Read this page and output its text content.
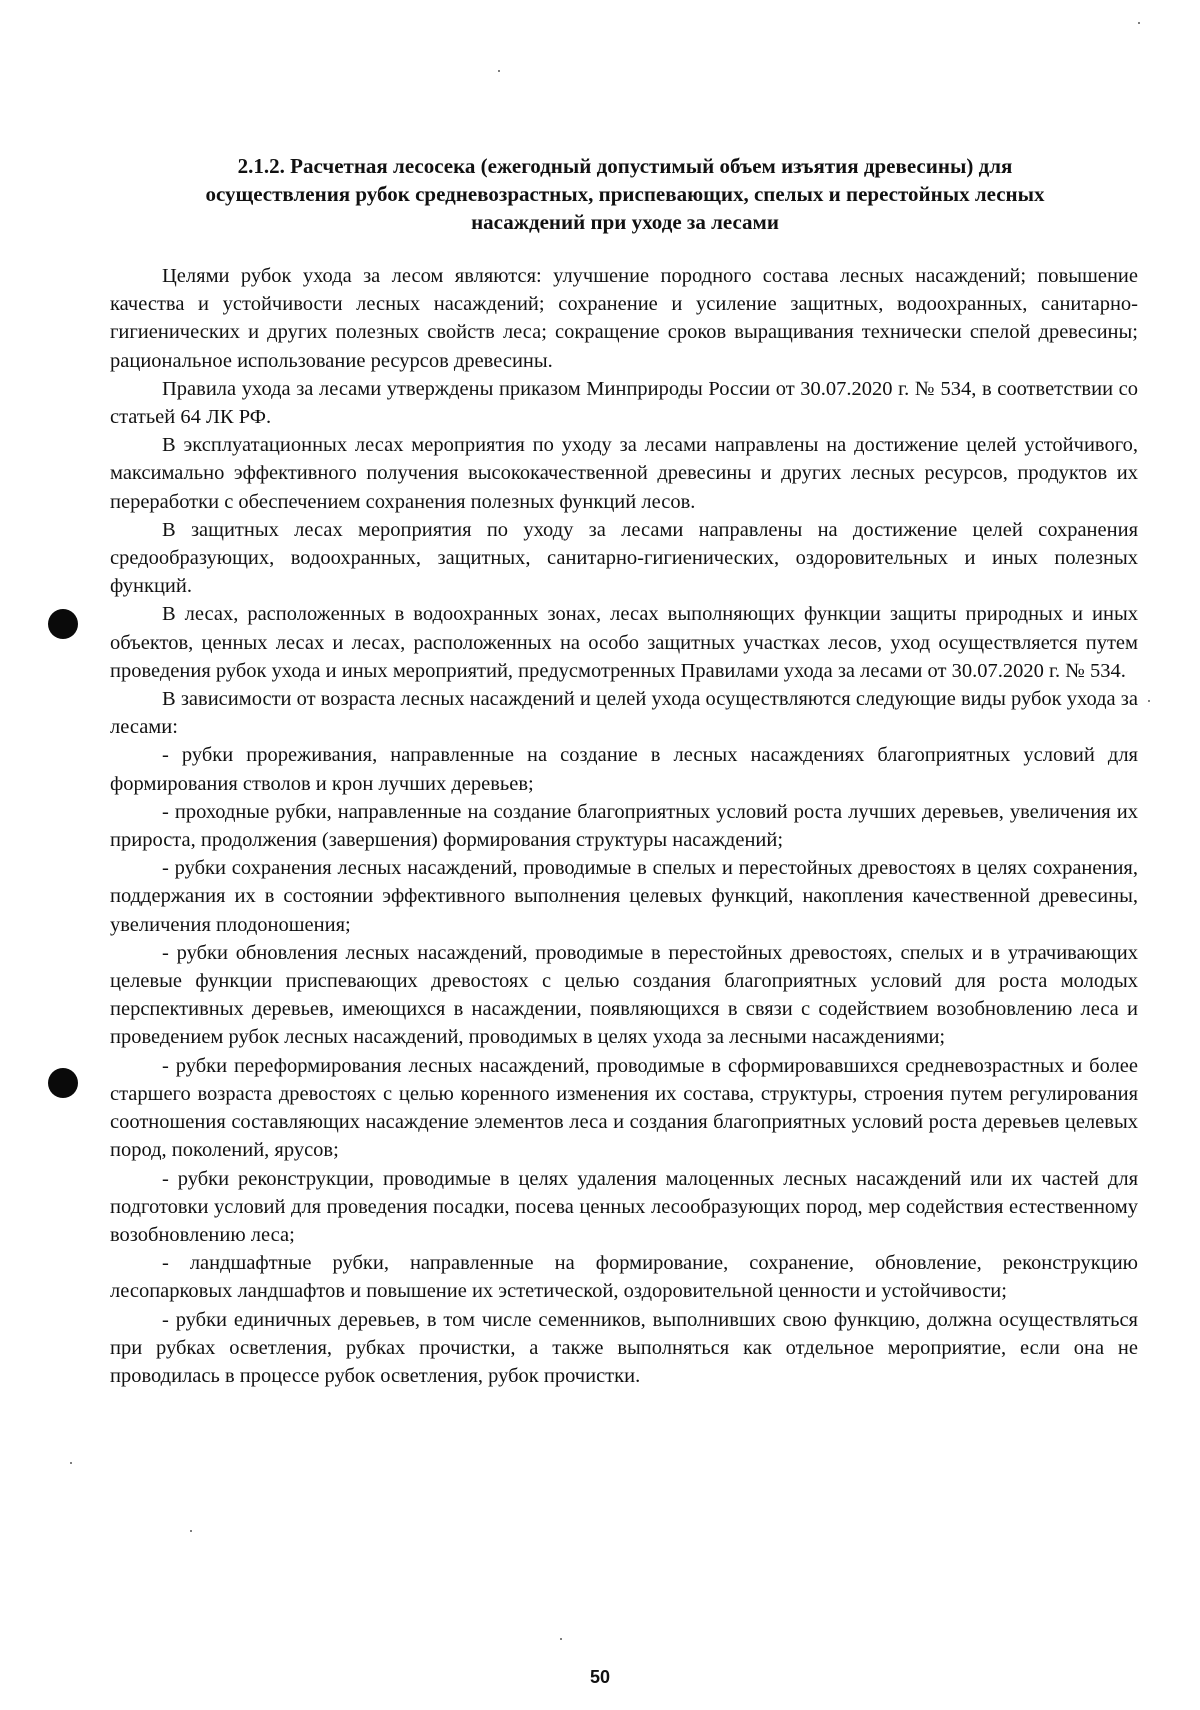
2.1.2. Расчетная лесосека (ежегодный допустимый объем изъятия древесины) для
осуществления рубок средневозрастных, приспевающих, спелых и перестойных лесных
насаждений при уходе за лесами

Целями рубок ухода за лесом являются: улучшение породного состава лесных насаждений; повышение качества и устойчивости лесных насаждений; сохранение и усиление защитных, водоохранных, санитарно-гигиенических и других полезных свойств леса; сокращение сроков выращивания технически спелой древесины; рациональное использование ресурсов древесины.

Правила ухода за лесами утверждены приказом Минприроды России от 30.07.2020 г. № 534, в соответствии со статьей 64 ЛК РФ.

В эксплуатационных лесах мероприятия по уходу за лесами направлены на достижение целей устойчивого, максимально эффективного получения высококачественной древесины и других лесных ресурсов, продуктов их переработки с обеспечением сохранения полезных функций лесов.

В защитных лесах мероприятия по уходу за лесами направлены на достижение целей сохранения средообразующих, водоохранных, защитных, санитарно-гигиенических, оздоровительных и иных полезных функций.

В лесах, расположенных в водоохранных зонах, лесах выполняющих функции защиты природных и иных объектов, ценных лесах и лесах, расположенных на особо защитных участках лесов, уход осуществляется путем проведения рубок ухода и иных мероприятий, предусмотренных Правилами ухода за лесами от 30.07.2020 г. № 534.

В зависимости от возраста лесных насаждений и целей ухода осуществляются следующие виды рубок ухода за лесами:

- рубки прореживания, направленные на создание в лесных насаждениях благоприятных условий для формирования стволов и крон лучших деревьев;

- проходные рубки, направленные на создание благоприятных условий роста лучших деревьев, увеличения их прироста, продолжения (завершения) формирования структуры насаждений;

- рубки сохранения лесных насаждений, проводимые в спелых и перестойных древостоях в целях сохранения, поддержания их в состоянии эффективного выполнения целевых функций, накопления качественной древесины, увеличения плодоношения;

- рубки обновления лесных насаждений, проводимые в перестойных древостоях, спелых и в утрачивающих целевые функции приспевающих древостоях с целью создания благоприятных условий для роста молодых перспективных деревьев, имеющихся в насаждении, появляющихся в связи с содействием возобновлению леса и проведением рубок лесных насаждений, проводимых в целях ухода за лесными насаждениями;

- рубки переформирования лесных насаждений, проводимые в сформировавшихся средневозрастных и более старшего возраста древостоях с целью коренного изменения их состава, структуры, строения путем регулирования соотношения составляющих насаждение элементов леса и создания благоприятных условий роста деревьев целевых пород, поколений, ярусов;

- рубки реконструкции, проводимые в целях удаления малоценных лесных насаждений или их частей для подготовки условий для проведения посадки, посева ценных лесообразующих пород, мер содействия естественному возобновлению леса;

- ландшафтные рубки, направленные на формирование, сохранение, обновление, реконструкцию лесопарковых ландшафтов и повышение их эстетической, оздоровительной ценности и устойчивости;

- рубки единичных деревьев, в том числе семенников, выполнивших свою функцию, должна осуществляться при рубках осветления, рубках прочистки, а также выполняться как отдельное мероприятие, если она не проводилась в процессе рубок осветления, рубок прочистки.

50
